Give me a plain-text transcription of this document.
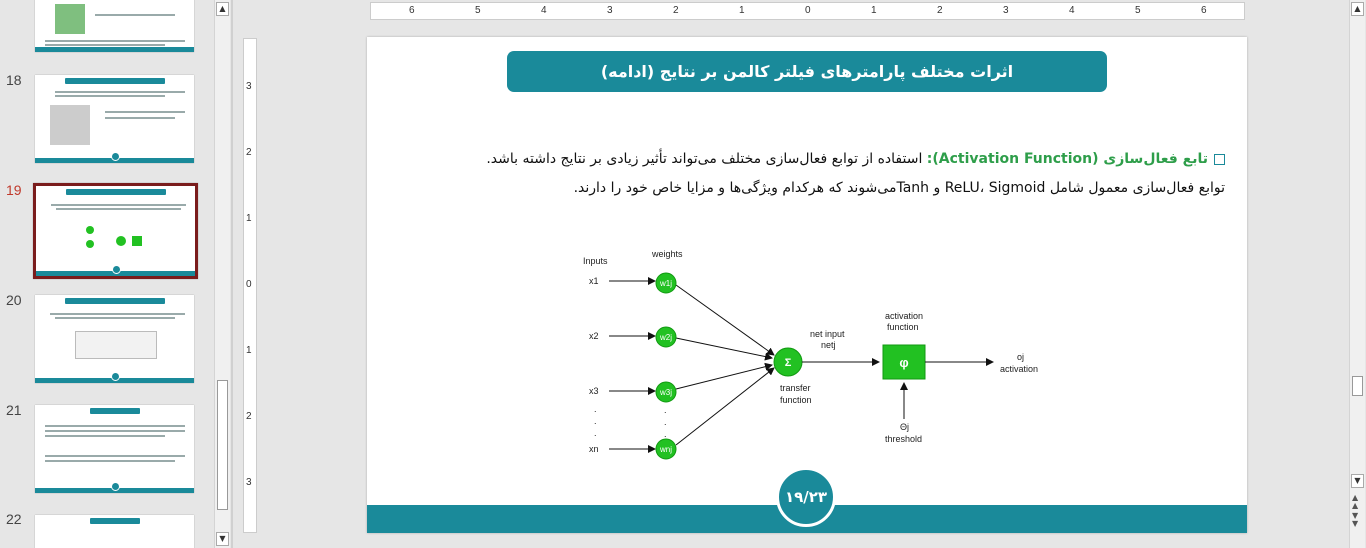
18
19
20
21
22
▲
▼
6	5	4	3	2	1	0	1	2	3	4	5	6
3
2
1
0
1
2
3
اثرات مختلف پارامترهای فیلتر کالمن بر نتایج (ادامه)
تابع فعال‌سازی (Activation Function): استفاده از توابع فعال‌سازی مختلف می‌تواند تأثیر زیادی بر نتایج داشته باشد.
توابع فعال‌سازی معمول شامل ReLU، Sigmoid و Tanhمی‌شوند که هرکدام ویژگی‌ها و مزایا خاص خود را دارند.
Inputs
weights
x1
x2
x3
xn
.
.
.
.
.
.
w1j
w2j
w3j
wnj
Σ
net input
netj
transfer
function
φ
activation
function
Θj
threshold
oj
activation
۱۹/۲۳
▲
▼
▲
▲
▼
▼
